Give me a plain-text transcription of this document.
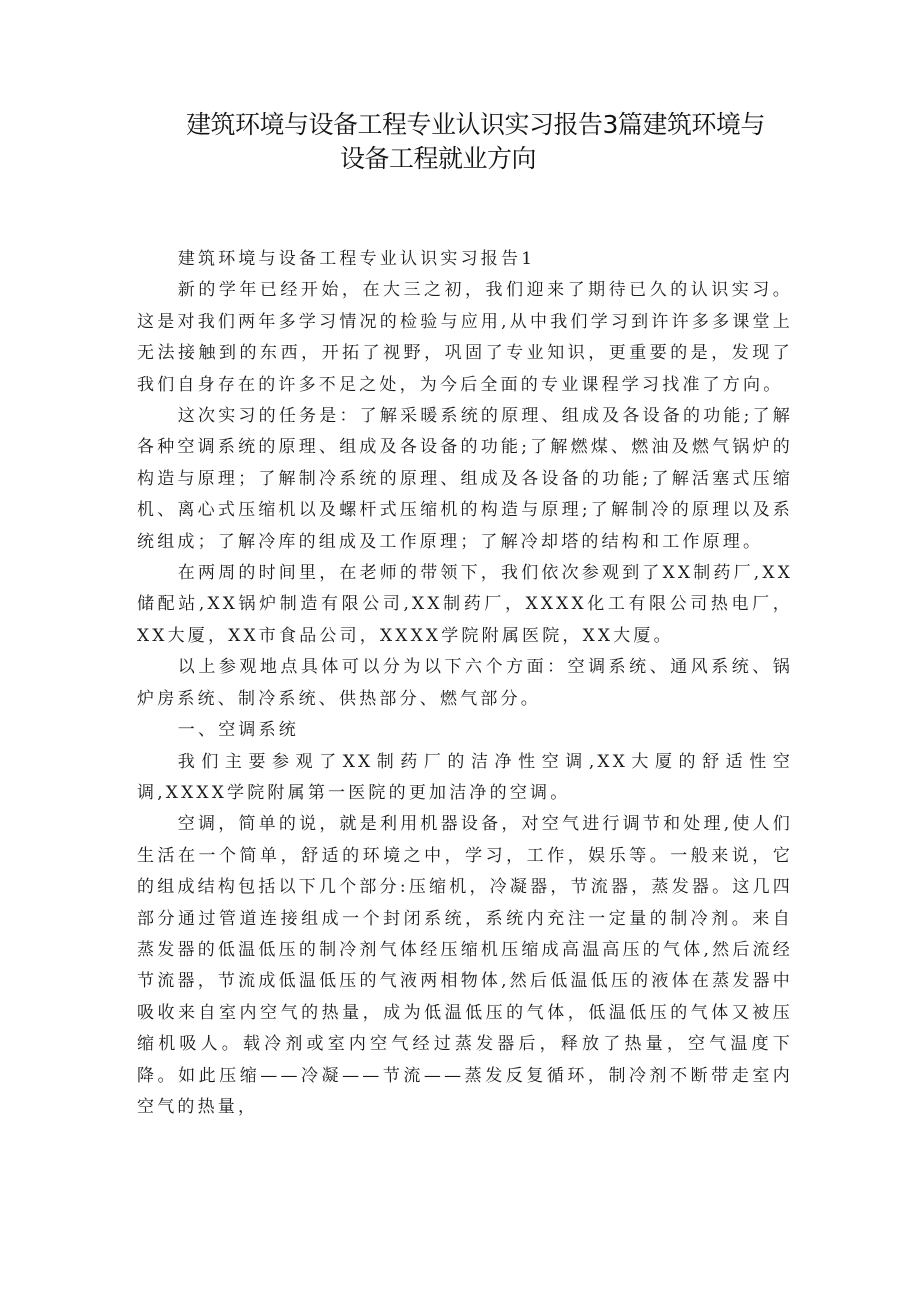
建筑环境与设备工程专业认识实习报告3篇建筑环境与
设备工程就业方向

建筑环境与设备工程专业认识实习报告1

新的学年已经开始，在大三之初，我们迎来了期待已久的认识实习。这是对我们两年多学习情况的检验与应用,从中我们学习到许许多多课堂上无法接触到的东西，开拓了视野，巩固了专业知识，更重要的是，发现了我们自身存在的许多不足之处，为今后全面的专业课程学习找准了方向。

这次实习的任务是：了解采暖系统的原理、组成及各设备的功能;了解各种空调系统的原理、组成及各设备的功能;了解燃煤、燃油及燃气锅炉的构造与原理；了解制冷系统的原理、组成及各设备的功能;了解活塞式压缩机、离心式压缩机以及螺杆式压缩机的构造与原理;了解制冷的原理以及系统组成；了解冷库的组成及工作原理；了解冷却塔的结构和工作原理。

在两周的时间里，在老师的带领下，我们依次参观到了XX制药厂,XX储配站,XX锅炉制造有限公司,XX制药厂，XXXX化工有限公司热电厂，XX大厦，XX市食品公司，XXXX学院附属医院，XX大厦。

以上参观地点具体可以分为以下六个方面：空调系统、通风系统、锅炉房系统、制冷系统、供热部分、燃气部分。

一、空调系统

我们主要参观了XX制药厂的洁净性空调,XX大厦的舒适性空调,XXXX学院附属第一医院的更加洁净的空调。

空调，简单的说，就是利用机器设备，对空气进行调节和处理,使人们生活在一个简单，舒适的环境之中，学习，工作，娱乐等。一般来说，它的组成结构包括以下几个部分:压缩机，冷凝器，节流器，蒸发器。这几四部分通过管道连接组成一个封闭系统，系统内充注一定量的制冷剂。来自蒸发器的低温低压的制冷剂气体经压缩机压缩成高温高压的气体,然后流经节流器，节流成低温低压的气液两相物体,然后低温低压的液体在蒸发器中吸收来自室内空气的热量，成为低温低压的气体，低温低压的气体又被压缩机吸人。载冷剂或室内空气经过蒸发器后，释放了热量，空气温度下降。如此压缩——冷凝——节流——蒸发反复循环，制冷剂不断带走室内空气的热量，
